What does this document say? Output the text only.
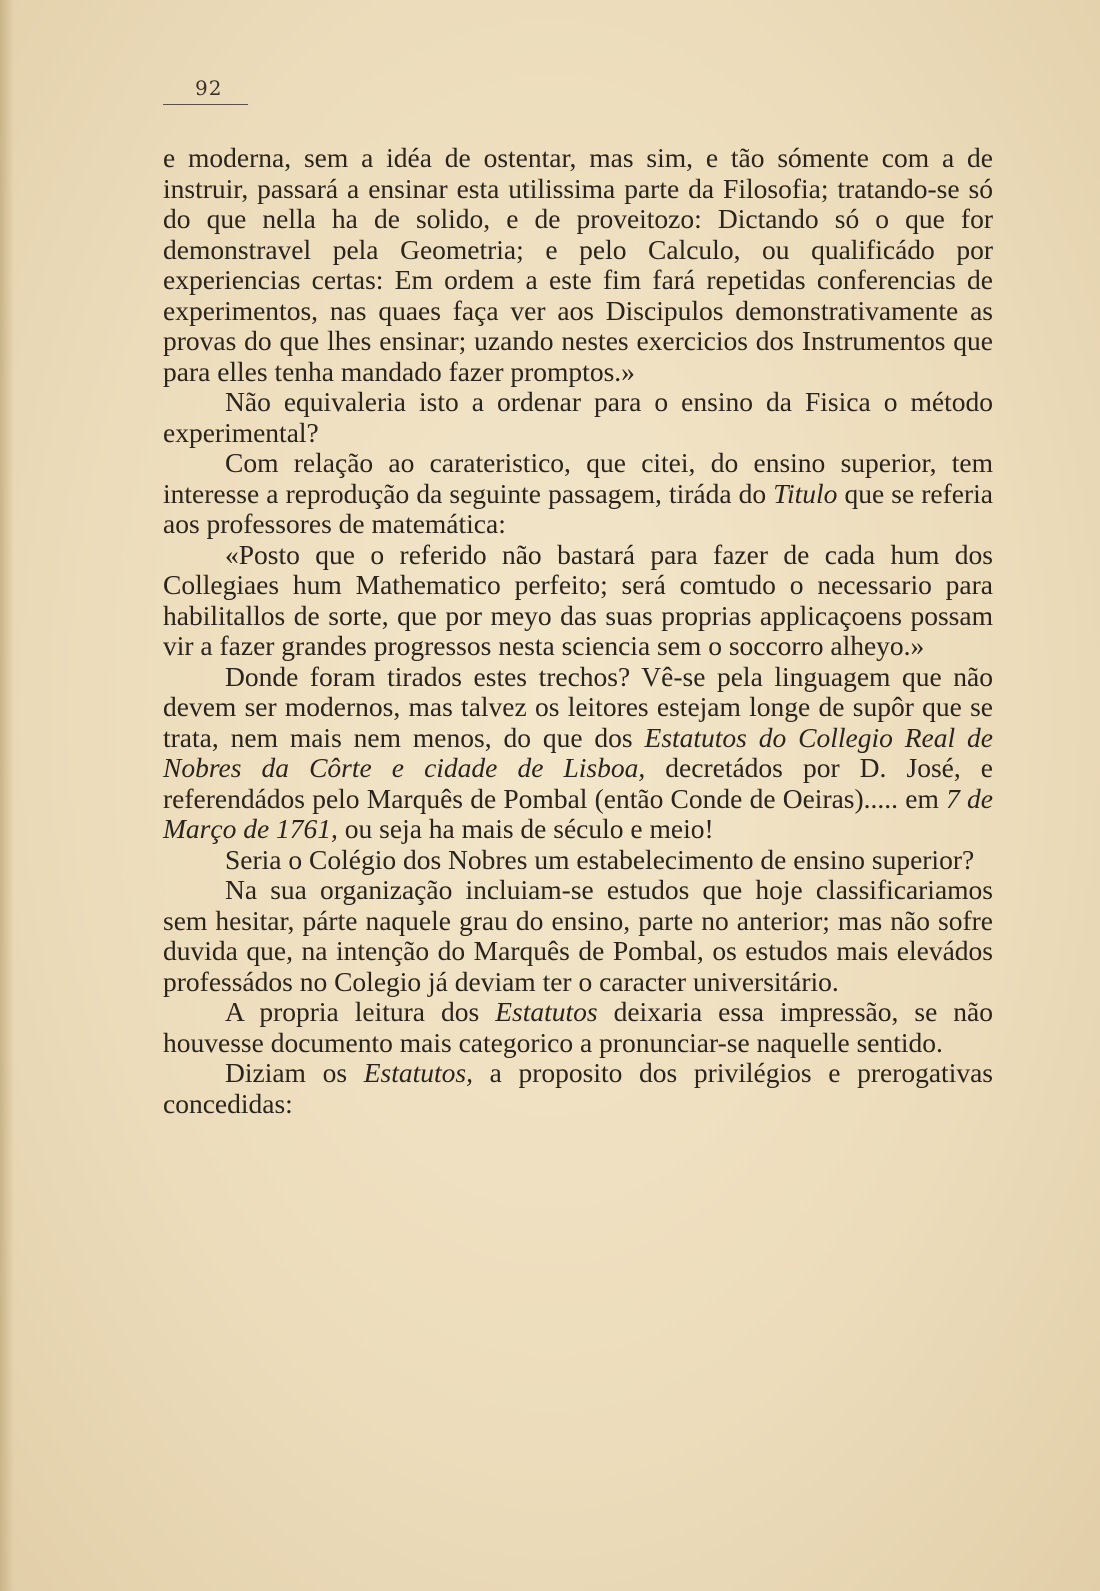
92

e moderna, sem a idéa de ostentar, mas sim, e tão sómente com a de instruir, passará a ensinar esta utilissima parte da Filosofia; tratando-se só do que nella ha de solido, e de proveitozo: Dictando só o que for demonstravel pela Geometria; e pelo Calculo, ou qualificádo por experiencias certas: Em ordem a este fim fará repetidas conferencias de experimentos, nas quaes faça ver aos Discipulos demonstrativamente as provas do que lhes ensinar; uzando nestes exercicios dos Instrumentos que para elles tenha mandado fazer promptos.»

Não equivaleria isto a ordenar para o ensino da Fisica o método experimental?

Com relação ao carateristico, que citei, do ensino superior, tem interesse a reprodução da seguinte passagem, tiráda do Titulo que se referia aos professores de matemática:

«Posto que o referido não bastará para fazer de cada hum dos Collegiaes hum Mathematico perfeito; será comtudo o necessario para habilitallos de sorte, que por meyo das suas proprias applicaçoens possam vir a fazer grandes progressos nesta sciencia sem o soccorro alheyo.»

Donde foram tirados estes trechos? Vê-se pela linguagem que não devem ser modernos, mas talvez os leitores estejam longe de supôr que se trata, nem mais nem menos, do que dos Estatutos do Collegio Real de Nobres da Côrte e cidade de Lisboa, decretádos por D. José, e referendádos pelo Marquês de Pombal (então Conde de Oeiras)..... em 7 de Março de 1761, ou seja ha mais de século e meio!

Seria o Colégio dos Nobres um estabelecimento de ensino superior?

Na sua organização incluiam-se estudos que hoje classificariamos sem hesitar, párte naquele grau do ensino, parte no anterior; mas não sofre duvida que, na intenção do Marquês de Pombal, os estudos mais elevádos professádos no Colegio já deviam ter o caracter universitário.

A propria leitura dos Estatutos deixaria essa impressão, se não houvesse documento mais categorico a pronunciar-se naquelle sentido.

Diziam os Estatutos, a proposito dos privilégios e prerogativas concedidas:
